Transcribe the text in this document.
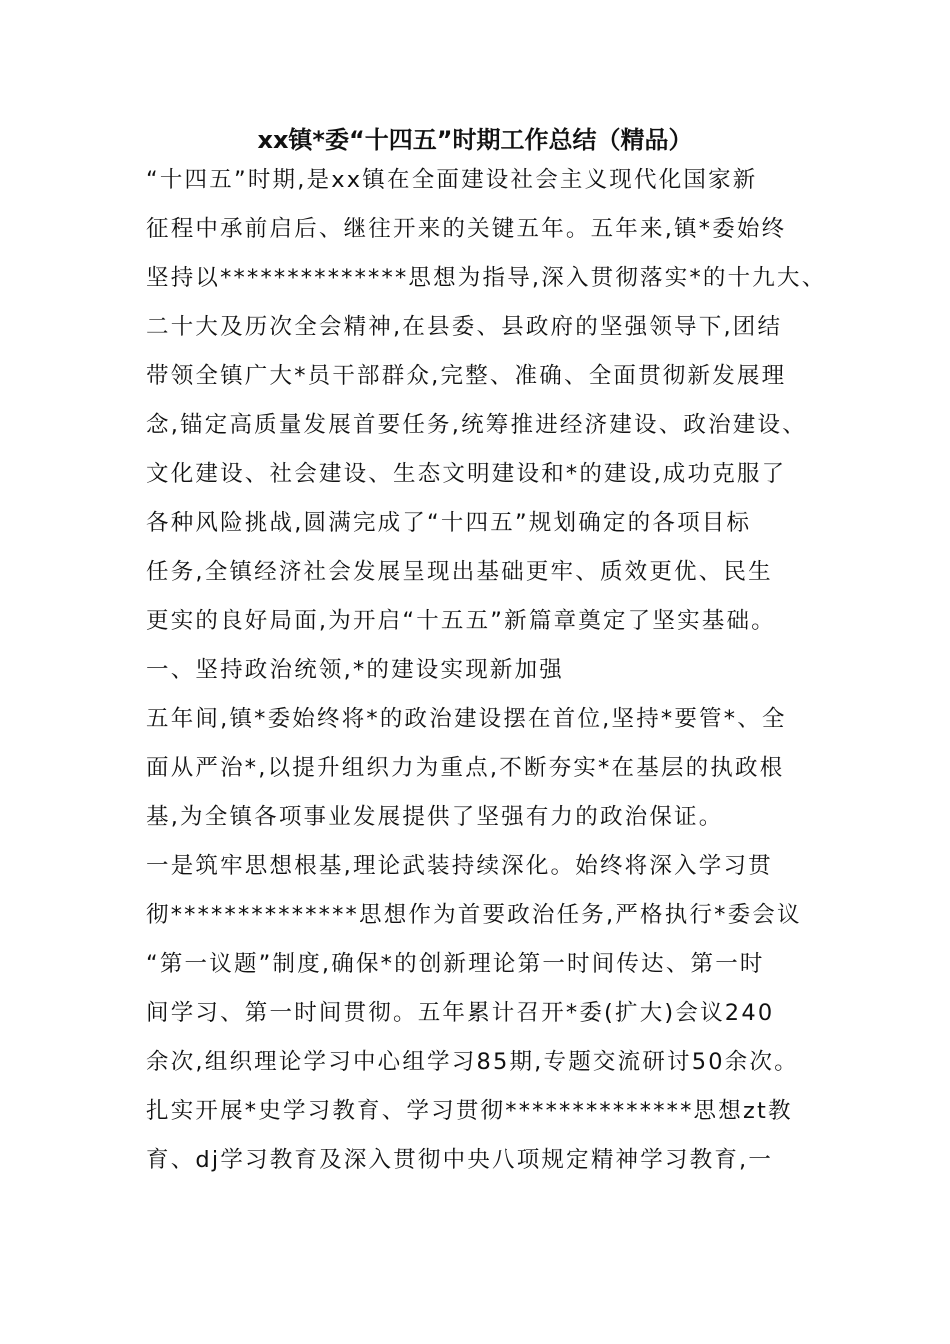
xx镇*委“十四五”时期工作总结（精品）
“十四五”时期,是xx镇在全面建设社会主义现代化国家新
征程中承前启后、继往开来的关键五年。五年来,镇*委始终
坚持以**************思想为指导,深入贯彻落实*的十九大、
二十大及历次全会精神,在县委、县政府的坚强领导下,团结
带领全镇广大*员干部群众,完整、准确、全面贯彻新发展理
念,锚定高质量发展首要任务,统筹推进经济建设、政治建设、
文化建设、社会建设、生态文明建设和*的建设,成功克服了
各种风险挑战,圆满完成了“十四五”规划确定的各项目标
任务,全镇经济社会发展呈现出基础更牢、质效更优、民生
更实的良好局面,为开启“十五五”新篇章奠定了坚实基础。
一、坚持政治统领,*的建设实现新加强
五年间,镇*委始终将*的政治建设摆在首位,坚持*要管*、全
面从严治*,以提升组织力为重点,不断夯实*在基层的执政根
基,为全镇各项事业发展提供了坚强有力的政治保证。
一是筑牢思想根基,理论武装持续深化。始终将深入学习贯
彻**************思想作为首要政治任务,严格执行*委会议
“第一议题”制度,确保*的创新理论第一时间传达、第一时
间学习、第一时间贯彻。五年累计召开*委(扩大)会议240
余次,组织理论学习中心组学习85期,专题交流研讨50余次。
扎实开展*史学习教育、学习贯彻**************思想zt教
育、dj学习教育及深入贯彻中央八项规定精神学习教育,一
